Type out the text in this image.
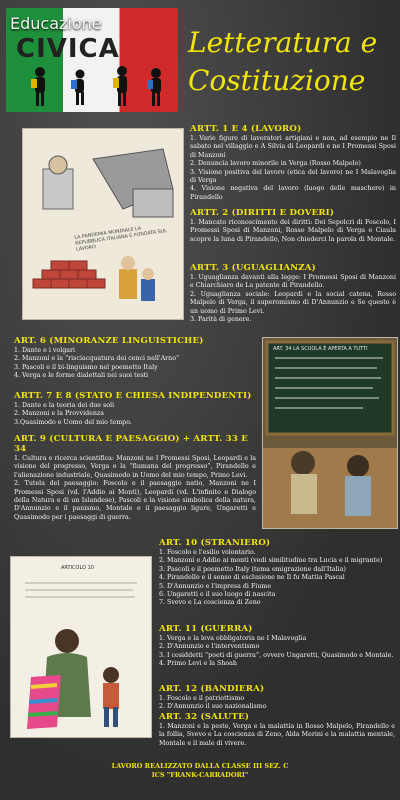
Educazione
CIVICA Letteratura e
Costituzione
LA PANDEMIA MONDIALE LA REPUBBLICA ITALIANA È FONDATA SUL LAVORO
ARTT. 1 E 4 (LAVORO)

1. Varie figure di lavoratori artigiani e non, ad esempio ne Il sabato nel villaggio e A Silvia di Leopardi e ne I Promessi Sposi di Manzoni

2. Denuncia lavoro minorile in Verga (Rosso Malpelo)

3. Visione positiva del lavoro (etica del lavoro) ne I Malavoglia di Verga

4. Visione negativa del lavoro (luogo delle maschere) in Pirandello

ARTT. 2 (DIRITTI E DOVERI)

1. Mancato riconoscimento dei diritti: Dei Sepolcri di Foscolo, I Promessi Sposi di Manzoni, Rosso Malpelo di Verga e Ciaula scopre la luna di Pirandello, Non chiederci la parola di Montale.

ARTT. 3 (UGUAGLIANZA)

1. Uguaglianza davanti alla legge: I Promessi Sposi di Manzoni e Chiarchiaro de La patente di Pirandello.

2. Uguaglianza sociale: Leopardi e la social catena, Rosso Malpelo di Verga, il superomismo di D'Annunzio e Se questo è un uomo di Primo Levi.

3. Parità di genere.

ART. 34 LA SCUOLA È APERTA A TUTTI
ART. 6 (MINORANZE LINGUISTICHE)

1. Dante e i volgari

2. Manzoni e la “risciacquatura dei cenci nell'Arno”

3. Pascoli e il bi-linguismo nel poemetto Italy

4. Verga e le forme dialettali nei suoi testi

ARTT. 7 E 8 (STATO E CHIESA INDIPENDENTI)

1. Dante e la teoria dei due soli

2. Manzoni e la Provvidenza

3.Quasimodo e Uomo del mio tempo.

ART. 9 (CULTURA E PAESAGGIO) + ARTT. 33 E 34

1. Cultura e ricerca scientifica: Manzoni ne I Promessi Sposi, Leopardi e la visione del progresso, Verga e la “fiumana del progresso”, Pirandello e l'alienazione industriale, Quasimodo in Uomo del mio tempo, Primo Levi.

2. Tutela del paesaggio: Foscolo e il paesaggio natio, Manzoni ne I Promessi Sposi (vd. l'Addio ai Monti), Leopardi (vd. L'infinito e Dialogo della Natura e di un Islandese), Pascoli e la visione simbolica della natura, D'Annunzio e il panismo, Montale e il paesaggio ligure, Ungaretti e Quasimodo per i paesaggi di guerra.

ARTICOLO 10
ART. 10 (STRANIERO)

1. Foscolo e l'esilio volontario.

2. Manzoni e Addio ai monti (vedi similitudine tra Lucia e il migrante)

3. Pascoli e il poemetto Italy (tema emigrazione dall'Italia)

4. Pirandello e il senso di esclusione ne Il fu Mattia Pascal

5. D'Annunzio e l'impresa di Fiume

6. Ungaretti e il suo luogo di nascita

7. Svevo e La coscienza di Zeno

ART. 11 (GUERRA)

1. Verga e la leva obbligatoria ne I Malavoglia

2. D'Annunzio e l'interventismo

3. I cosiddetti “poeti di guerra”, ovvero Ungaretti, Quasimodo e Montale.

4. Primo Levi e la Shoah

ART. 12 (BANDIERA)

1. Foscolo e il patriottismo

2. D'Annunzio il suo nazionalismo

ART. 32 (SALUTE)

1. Manzoni e la peste, Verga e la malattia in Rosso Malpelo, Pirandello e la follia, Svevo e La coscienza di Zeno, Alda Merini e la malattia mentale, Montale e il male di vivere.

LAVORO REALIZZATO DALLA CLASSE III SEZ. C
ICS "FRANK-CARRADORI"
